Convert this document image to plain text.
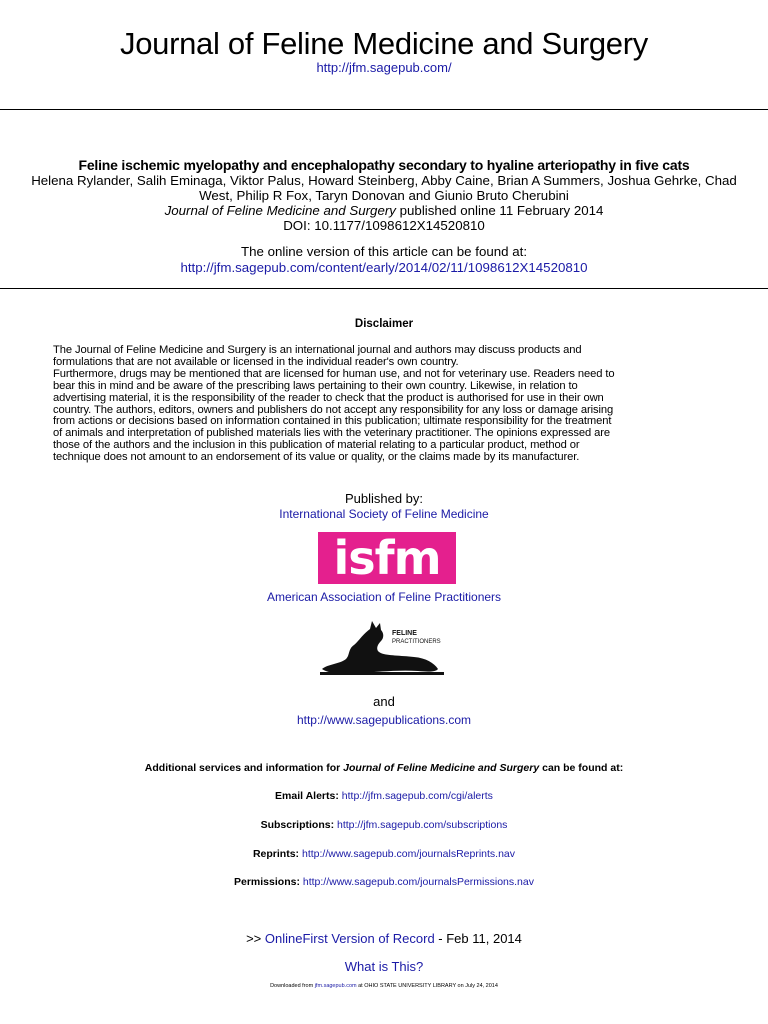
Journal of Feline Medicine and Surgery
http://jfm.sagepub.com/
Feline ischemic myelopathy and encephalopathy secondary to hyaline arteriopathy in five cats
Helena Rylander, Salih Eminaga, Viktor Palus, Howard Steinberg, Abby Caine, Brian A Summers, Joshua Gehrke, Chad
West, Philip R Fox, Taryn Donovan and Giunio Bruto Cherubini
Journal of Feline Medicine and Surgery published online 11 February 2014
DOI: 10.1177/1098612X14520810
The online version of this article can be found at:
http://jfm.sagepub.com/content/early/2014/02/11/1098612X14520810
Disclaimer
The Journal of Feline Medicine and Surgery is an international journal and authors may discuss products and
formulations that are not available or licensed in the individual reader's own country.
Furthermore, drugs may be mentioned that are licensed for human use, and not for veterinary use. Readers need to
bear this in mind and be aware of the prescribing laws pertaining to their own country. Likewise, in relation to
advertising material, it is the responsibility of the reader to check that the product is authorised for use in their own
country. The authors, editors, owners and publishers do not accept any responsibility for any loss or damage arising
from actions or decisions based on information contained in this publication; ultimate responsibility for the treatment
of animals and interpretation of published materials lies with the veterinary practitioner. The opinions expressed are
those of the authors and the inclusion in this publication of material relating to a particular product, method or
technique does not amount to an endorsement of its value or quality, or the claims made by its manufacturer.
Published by:
International Society of Feline Medicine
isfm
American Association of Feline Practitioners
FELINE
PRACTITIONERS
and
http://www.sagepublications.com
Additional services and information for Journal of Feline Medicine and Surgery can be found at:
Email Alerts: http://jfm.sagepub.com/cgi/alerts
Subscriptions: http://jfm.sagepub.com/subscriptions
Reprints: http://www.sagepub.com/journalsReprints.nav
Permissions: http://www.sagepub.com/journalsPermissions.nav
>> OnlineFirst Version of Record - Feb 11, 2014
What is This?
Downloaded from jfm.sagepub.com at OHIO STATE UNIVERSITY LIBRARY on July 24, 2014
